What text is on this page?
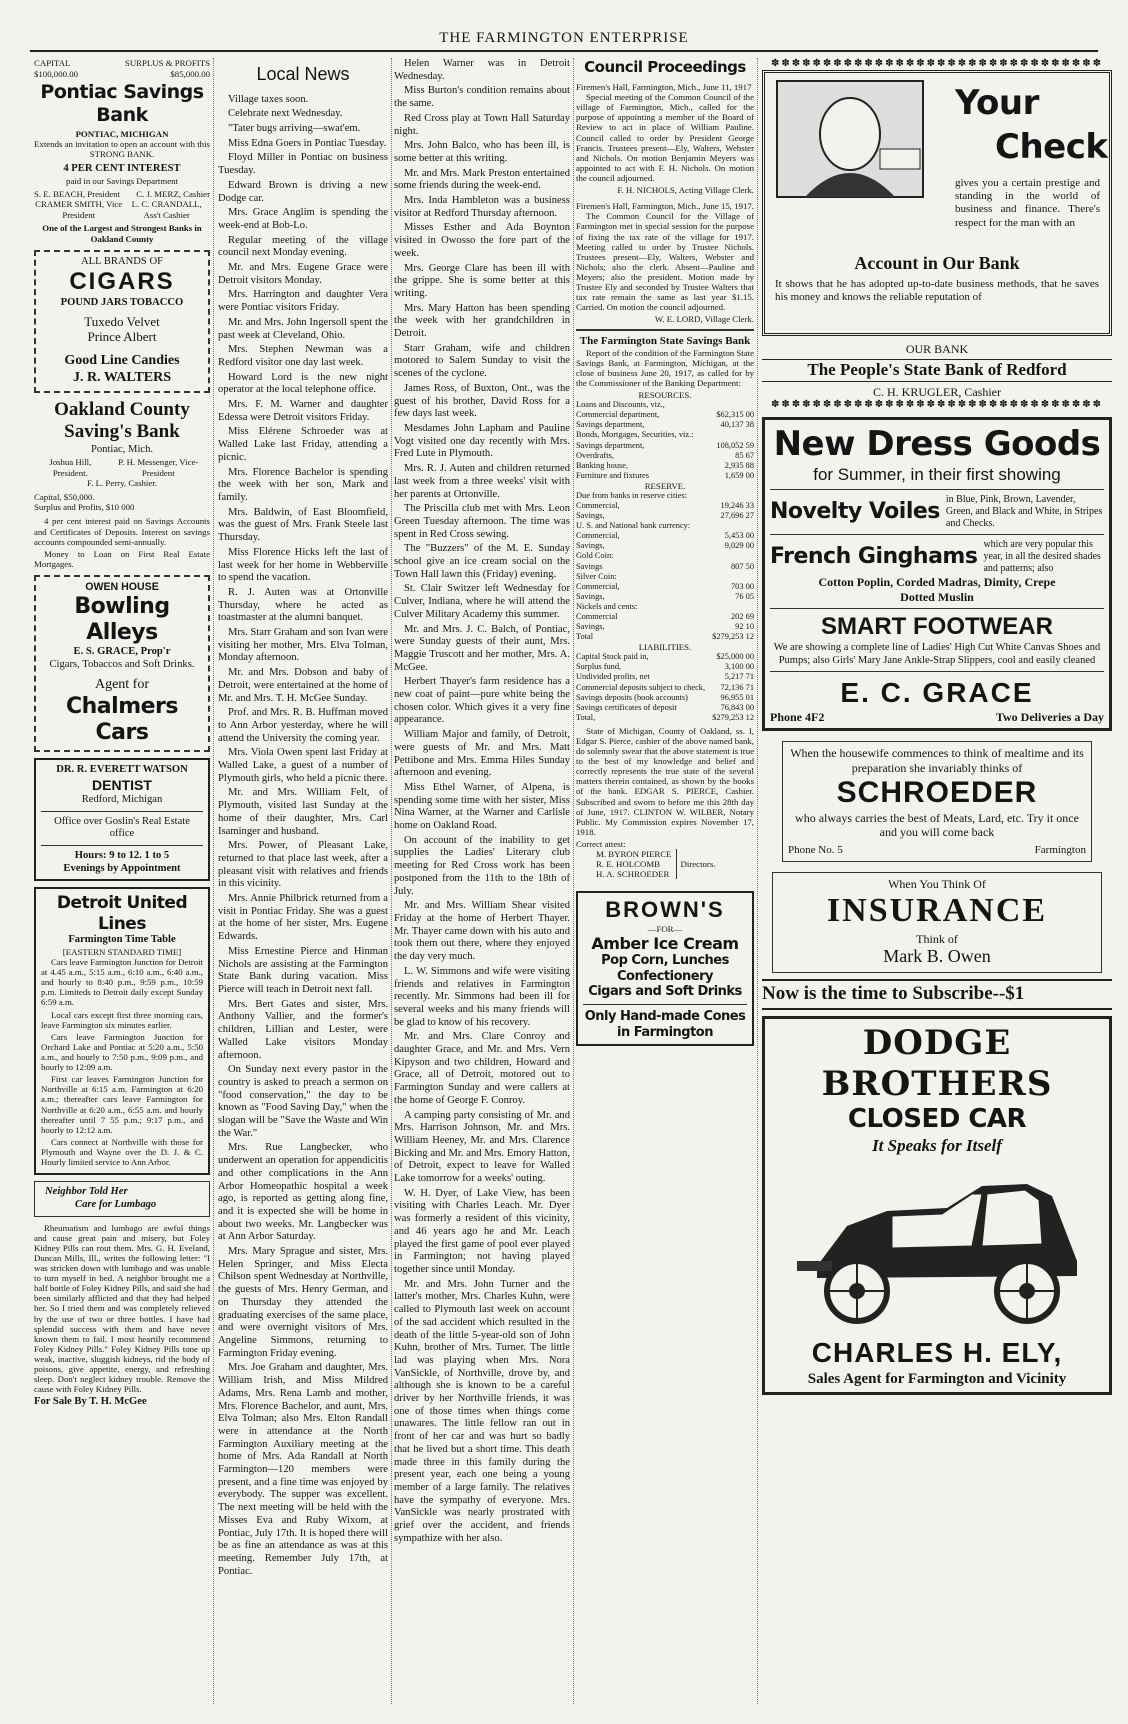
THE FARMINGTON ENTERPRISE
CAPITAL	SURPLUS & PROFITS
$100,000.00	$85,000.00
Pontiac Savings Bank
PONTIAC, MICHIGAN
Extends an invitation to open an account with this STRONG BANK.
4 PER CENT INTEREST
paid in our Savings Department
S. E. BEACH, President C. J. MERZ, Cashier
CRAMER SMITH, Vice President
L. C. CRANDALL, Ass't Cashier
One of the Largest and Strongest Banks in Oakland County
ALL BRANDS OF
CIGARS
POUND JARS TOBACCO
Tuxedo Velvet
Prince Albert
Good Line Candies
J. R. WALTERS
Oakland County
Saving's Bank
Pontiac, Mich.
Joshua Hill, President.
P. H. Messenger, Vice-President
F. L. Perry, Cashier.
Capital, $50,000.
Surplus and Profits, $10 000

4 per cent interest paid on Savings Accounts and Certificates of Deposits. Interest on savings accounts compounded semi-annually.

Money to Loan on First Real Estate Mortgages.

OWEN HOUSE
Bowling Alleys
E. S. GRACE, Prop'r
Cigars, Tobaccos and Soft Drinks.
Agent for
Chalmers Cars
DR. R. EVERETT WATSON
DENTIST
Redford, Michigan
Office over Goslin's Real Estate office
Hours: 9 to 12. 1 to 5
Evenings by Appointment
Detroit United Lines
Farmington Time Table
[EASTERN STANDARD TIME]

Cars leave Farmington Junction for Detroit at 4.45 a.m., 5:15 a.m., 6:10 a.m., 6:40 a.m., and hourly to 8:40 p.m., 9:59 p.m., 10:59 p.m. Limiteds to Detroit daily except Sunday 6:59 a.m.

Local cars except first three morning cars, leave Farmington six minutes earlier.

Cars leave Farmington Junction for Orchard Lake and Pontiac at 5:20 a.m., 5:50 a.m., and hourly to 7:50 p.m., 9:09 p.m., and hourly to 12:09 a.m.

First car leaves Farmington Junction for Northville at 6:15 a.m. Farmington at 6:20 a.m.; thereafter cars leave Farmington for Northville at 6:20 a.m., 6:55 a.m. and hourly thereafter until 7 55 p.m.; 9:17 p.m., and hourly to 12:12 a.m.

Cars connect at Northville with those for Plymouth and Wayne over the D. J. & C. Hourly limited service to Ann Arbor.

Neighbor Told Her
Care for Lumbago

Rheumatism and lumbago are awful things and cause great pain and misery, but Foley Kidney Pills can rout them. Mrs. G. H. Eveland, Duncan Mills, Ill., writes the following letter: "I was stricken down with lumbago and was unable to turn myself in bed. A neighbor brought me a half bottle of Foley Kidney Pills, and said she had been similarly afflicted and that they had helped her. So I tried them and was completely relieved by the use of two or three bottles. I have had splendid success with them and have never known them to fail. I most heartily recommend Foley Kidney Pills." Foley Kidney Pills tone up weak, inactive, sluggish kidneys, rid the body of poisons, give appetite, energy, and refreshing sleep. Don't neglect kidney trouble. Remove the cause with Foley Kidney Pills.

For Sale By T. H. McGee
Local News

Village taxes soon.

Celebrate next Wednesday.

"Tater bugs arriving—swat'em.

Miss Edna Goers in Pontiac Tuesday.

Floyd Miller in Pontiac on business Tuesday.

Edward Brown is driving a new Dodge car.

Mrs. Grace Anglim is spending the week-end at Bob-Lo.

Regular meeting of the village council next Monday evening.

Mr. and Mrs. Eugene Grace were Detroit visitors Monday.

Mrs. Harrington and daughter Vera were Pontiac visitors Friday.

Mr. and Mrs. John Ingersoll spent the past week at Cleveland, Ohio.

Mrs. Stephen Newman was a Redford visitor one day last week.

Howard Lord is the new night operator at the local telephone office.

Mrs. F. M. Warner and daughter Edessa were Detroit visitors Friday.

Miss Elérene Schroeder was at Walled Lake last Friday, attending a picnic.

Mrs. Florence Bachelor is spending the week with her son, Mark and family.

Mrs. Baldwin, of East Bloomfield, was the guest of Mrs. Frank Steele last Thursday.

Miss Florence Hicks left the last of last week for her home in Webberville to spend the vacation.

R. J. Auten was at Ortonville Thursday, where he acted as toastmaster at the alumni banquet.

Mrs. Starr Graham and son Ivan were visiting her mother, Mrs. Elva Tolman, Monday afternoon.

Mr. and Mrs. Dobson and baby of Detroit, were entertained at the home of Mr. and Mrs. T. H. McGee Sunday.

Prof. and Mrs. R. B. Huffman moved to Ann Arbor yesterday, where he will attend the University the coming year.

Mrs. Viola Owen spent last Friday at Walled Lake, a guest of a number of Plymouth girls, who held a picnic there.

Mr. and Mrs. William Felt, of Plymouth, visited last Sunday at the home of their daughter, Mrs. Carl Isaminger and husband.

Mrs. Power, of Pleasant Lake, returned to that place last week, after a pleasant visit with relatives and friends in this vicinity.

Mrs. Annie Philbrick returned from a visit in Pontiac Friday. She was a guest at the home of her sister, Mrs. Eugene Edwards.

Miss Ernestine Pierce and Hinman Nichols are assisting at the Farmington State Bank during vacation. Miss Pierce will teach in Detroit next fall.

Mrs. Bert Gates and sister, Mrs. Anthony Vallier, and the former's children, Lillian and Lester, were Walled Lake visitors Monday afternoon.

On Sunday next every pastor in the country is asked to preach a sermon on "food conservation," the day to be known as "Food Saving Day," when the slogan will be "Save the Waste and Win the War."

Mrs. Rue Langbecker, who underwent an operation for appendicitis and other complications in the Ann Arbor Homeopathic hospital a week ago, is reported as getting along fine, and it is expected she will be home in about two weeks. Mr. Langbecker was at Ann Arbor Saturday.

Mrs. Mary Sprague and sister, Mrs. Helen Springer, and Miss Electa Chilson spent Wednesday at Northville, the guests of Mrs. Henry German, and on Thursday they attended the graduating exercises of the same place, and were overnight visitors of Mrs. Angeline Simmons, returning to Farmington Friday evening.

Mrs. Joe Graham and daughter, Mrs. William Irish, and Miss Mildred Adams, Mrs. Rena Lamb and mother, Mrs. Florence Bachelor, and aunt, Mrs. Elva Tolman; also Mrs. Elton Randall were in attendance at the North Farmington Auxiliary meeting at the home of Mrs. Ada Randall at North Farmington—120 members were present, and a fine time was enjoyed by everybody. The supper was excellent. The next meeting will be held with the Misses Eva and Ruby Wixom, at Pontiac, July 17th. It is hoped there will be as fine an attendance as was at this meeting. Remember July 17th, at Pontiac.

Helen Warner was in Detroit Wednesday.

Miss Burton's condition remains about the same.

Red Cross play at Town Hall Saturday night.

Mrs. John Balco, who has been ill, is some better at this writing.

Mr. and Mrs. Mark Preston entertained some friends during the week-end.

Mrs. Inda Hambleton was a business visitor at Redford Thursday afternoon.

Misses Esther and Ada Boynton visited in Owosso the fore part of the week.

Mrs. George Clare has been ill with the grippe. She is some better at this writing.

Mrs. Mary Hatton has been spending the week with her grandchildren in Detroit.

Starr Graham, wife and children motored to Salem Sunday to visit the scenes of the cyclone.

James Ross, of Buxton, Ont., was the guest of his brother, David Ross for a few days last week.

Mesdames John Lapham and Pauline Vogt visited one day recently with Mrs. Fred Lute in Plymouth.

Mrs. R. J. Auten and children returned last week from a three weeks' visit with her parents at Ortonville.

The Priscilla club met with Mrs. Leon Green Tuesday afternoon. The time was spent in Red Cross sewing.

The "Buzzers" of the M. E. Sunday school give an ice cream social on the Town Hall lawn this (Friday) evening.

St. Clair Switzer left Wednesday for Culver, Indiana, where he will attend the Culver Military Academy this summer.

Mr. and Mrs. J. C. Balch, of Pontiac, were Sunday guests of their aunt, Mrs. Maggie Truscott and her mother, Mrs. A. McGee.

Herbert Thayer's farm residence has a new coat of paint—pure white being the chosen color. Which gives it a very fine appearance.

William Major and family, of Detroit, were guests of Mr. and Mrs. Matt Pettibone and Mrs. Emma Hiles Sunday afternoon and evening.

Miss Ethel Warner, of Alpena, is spending some time with her sister, Miss Nina Warner, at the Warner and Carlisle home on Oakland Road.

On account of the inability to get supplies the Ladies' Literary club meeting for Red Cross work has been postponed from the 11th to the 18th of July.

Mr. and Mrs. William Shear visited Friday at the home of Herbert Thayer. Mr. Thayer came down with his auto and took them out there, where they enjoyed the day very much.

L. W. Simmons and wife were visiting friends and relatives in Farmington recently. Mr. Simmons had been ill for several weeks and his many friends will be glad to know of his recovery.

Mr. and Mrs. Clare Conroy and daughter Grace, and Mr. and Mrs. Vern Kipyson and two children, Howard and Grace, all of Detroit, motored out to Farmington Sunday and were callers at the home of George F. Conroy.

A camping party consisting of Mr. and Mrs. Harrison Johnson, Mr. and Mrs. William Heeney, Mr. and Mrs. Clarence Bicking and Mr. and Mrs. Emory Hatton, of Detroit, expect to leave for Walled Lake tomorrow for a weeks' outing.

W. H. Dyer, of Lake View, has been visiting with Charles Leach. Mr. Dyer was formerly a resident of this vicinity, and 46 years ago he and Mr. Leach played the first game of pool ever played in Farmington; not having played together since until Monday.

Mr. and Mrs. John Turner and the latter's mother, Mrs. Charles Kuhn, were called to Plymouth last week on account of the sad accident which resulted in the death of the little 5-year-old son of John Kuhn, brother of Mrs. Turner. The little lad was playing when Mrs. Nora VanSickle, of Northville, drove by, and although she is known to be a careful driver by her Northville friends, it was one of those times when things come unawares. The little fellow ran out in front of her car and was hurt so badly that he lived but a short time. This death made three in this family during the present year, each one being a young member of a large family. The relatives have the sympathy of everyone. Mrs. VanSickle was nearly prostrated with grief over the accident, and friends sympathize with her also.

Council Proceedings
Firemen's Hall, Farmington, Mich., June 11, 1917

Special meeting of the Common Council of the village of Farmington, Mich., called for the purpose of appointing a member of the Board of Review to act in place of William Pauline. Council called to order by President George Francis. Trustees present—Ely, Walters, Webster and Nichols. On motion Benjamin Meyers was appointed to act with F. H. Nichols. On motion the council adjourned.

F. H. NICHOLS, Acting Village Clerk.
Firemen's Hall, Farmington, Mich., June 15, 1917.

The Common Council for the Village of Farmington met in special session for the purpose of fixing the tax rate of the village for 1917. Meeting called to order by Trustee Nichols. Trustees present—Ely, Walters, Webster and Nichols; also the clerk. Absent—Pauline and Meyers; also the president. Motion made by Trustee Ely and seconded by Trustee Walters that tax rate remain the same as last year $1.15. Carried. On motion the council adjourned.

W. E. LORD, Village Clerk.
The Farmington State Savings Bank

Report of the condition of the Farmington State Savings Bank, at Farmington, Michigan, at the close of business June 20, 1917, as called for by the Commissioner of the Banking Department:

RESOURCES.
Loans and Discounts, viz.,	
Commercial department,	$62,315 00
Savings department,	40,137 38
Bonds, Mortgages, Securities, viz.:	
Savings department,	108,052 59
Overdrafts,	85 67
Banking house,	2,935 88
Furniture and fixtures	1,659 00
RESERVE.
Due from banks in reserve cities:	
Commercial,	19,246 33
Savings,	27,696 27
U. S. and National bank currency:	
Commercial,	5,453 00
Savings,	9,029 00
Gold Coin:	
Savings	807 50
Silver Coin:	
Commercial,	703 00
Savings,	76 05
Nickels and cents:	
Commercial	202 69
Savings,	92 10
Total	$279,253 12
LIABILITIES.
Capital Stock paid in,	$25,000 00
Surplus fund,	3,100 00
Undivided profits, net	5,217 71
Commercial deposits subject to check,	72,136 71
Savings deposits (book accounts)	96,955 01
Savings certificates of deposit	76,843 00
Total,	$279,253 12

State of Michigan, County of Oakland, ss. I, Edgar S. Pierce, cashier of the above named bank, do solemnly swear that the above statement is true to the best of my knowledge and belief and correctly represents the true state of the several matters therein contained, as shown by the books of the bank. EDGAR S. PIERCE, Cashier. Subscribed and sworn to before me this 28th day of June, 1917. CLINTON W. WILBER, Notary Public. My Commission expires November 17, 1918.

Correct attest:
M. BYRON PIERCE
R. E. HOLCOMB
H. A. SCHROEDER
Directors.
BROWN'S
—FOR—
Amber Ice Cream
Pop Corn, Lunches
Confectionery
Cigars and Soft Drinks
Only Hand-made Cones in Farmington
✽✽✽✽✽✽✽✽✽✽✽✽✽✽✽✽✽✽✽✽✽✽✽✽✽✽✽✽✽✽✽✽
Your
Check

gives you a certain prestige and standing in the world of business and finance. There's respect for the man with an

Account in Our Bank

It shows that he has adopted up-to-date business methods, that he saves his money and knows the reliable reputation of

OUR BANK
The People's State Bank of Redford
C. H. KRUGLER, Cashier
✽✽✽✽✽✽✽✽✽✽✽✽✽✽✽✽✽✽✽✽✽✽✽✽✽✽✽✽✽✽✽✽
New Dress Goods
for Summer, in their first showing
Novelty Voiles in Blue, Pink, Brown, Lavender, Green, and Black and White, in Stripes and Checks.
French Ginghams which are very popular this year, in all the desired shades and patterns; also
Cotton Poplin, Corded Madras, Dimity, Crepe
Dotted Muslin
SMART FOOTWEAR
We are showing a complete line of Ladies' High Cut White Canvas Shoes and Pumps; also Girls' Mary Jane Ankle-Strap Slippers, cool and easily cleaned
E. C. GRACE
Phone 4F2	Two Deliveries a Day
When the housewife commences to think of mealtime and its preparation she invariably thinks of
SCHROEDER
who always carries the best of Meats, Lard, etc. Try it once and you will come back
Phone No. 5	Farmington
When You Think Of
INSURANCE
Think of
Mark B. Owen
Now is the time to Subscribe--$1
DODGE BROTHERS
CLOSED CAR
It Speaks for Itself
CHARLES H. ELY,
Sales Agent for Farmington and Vicinity
